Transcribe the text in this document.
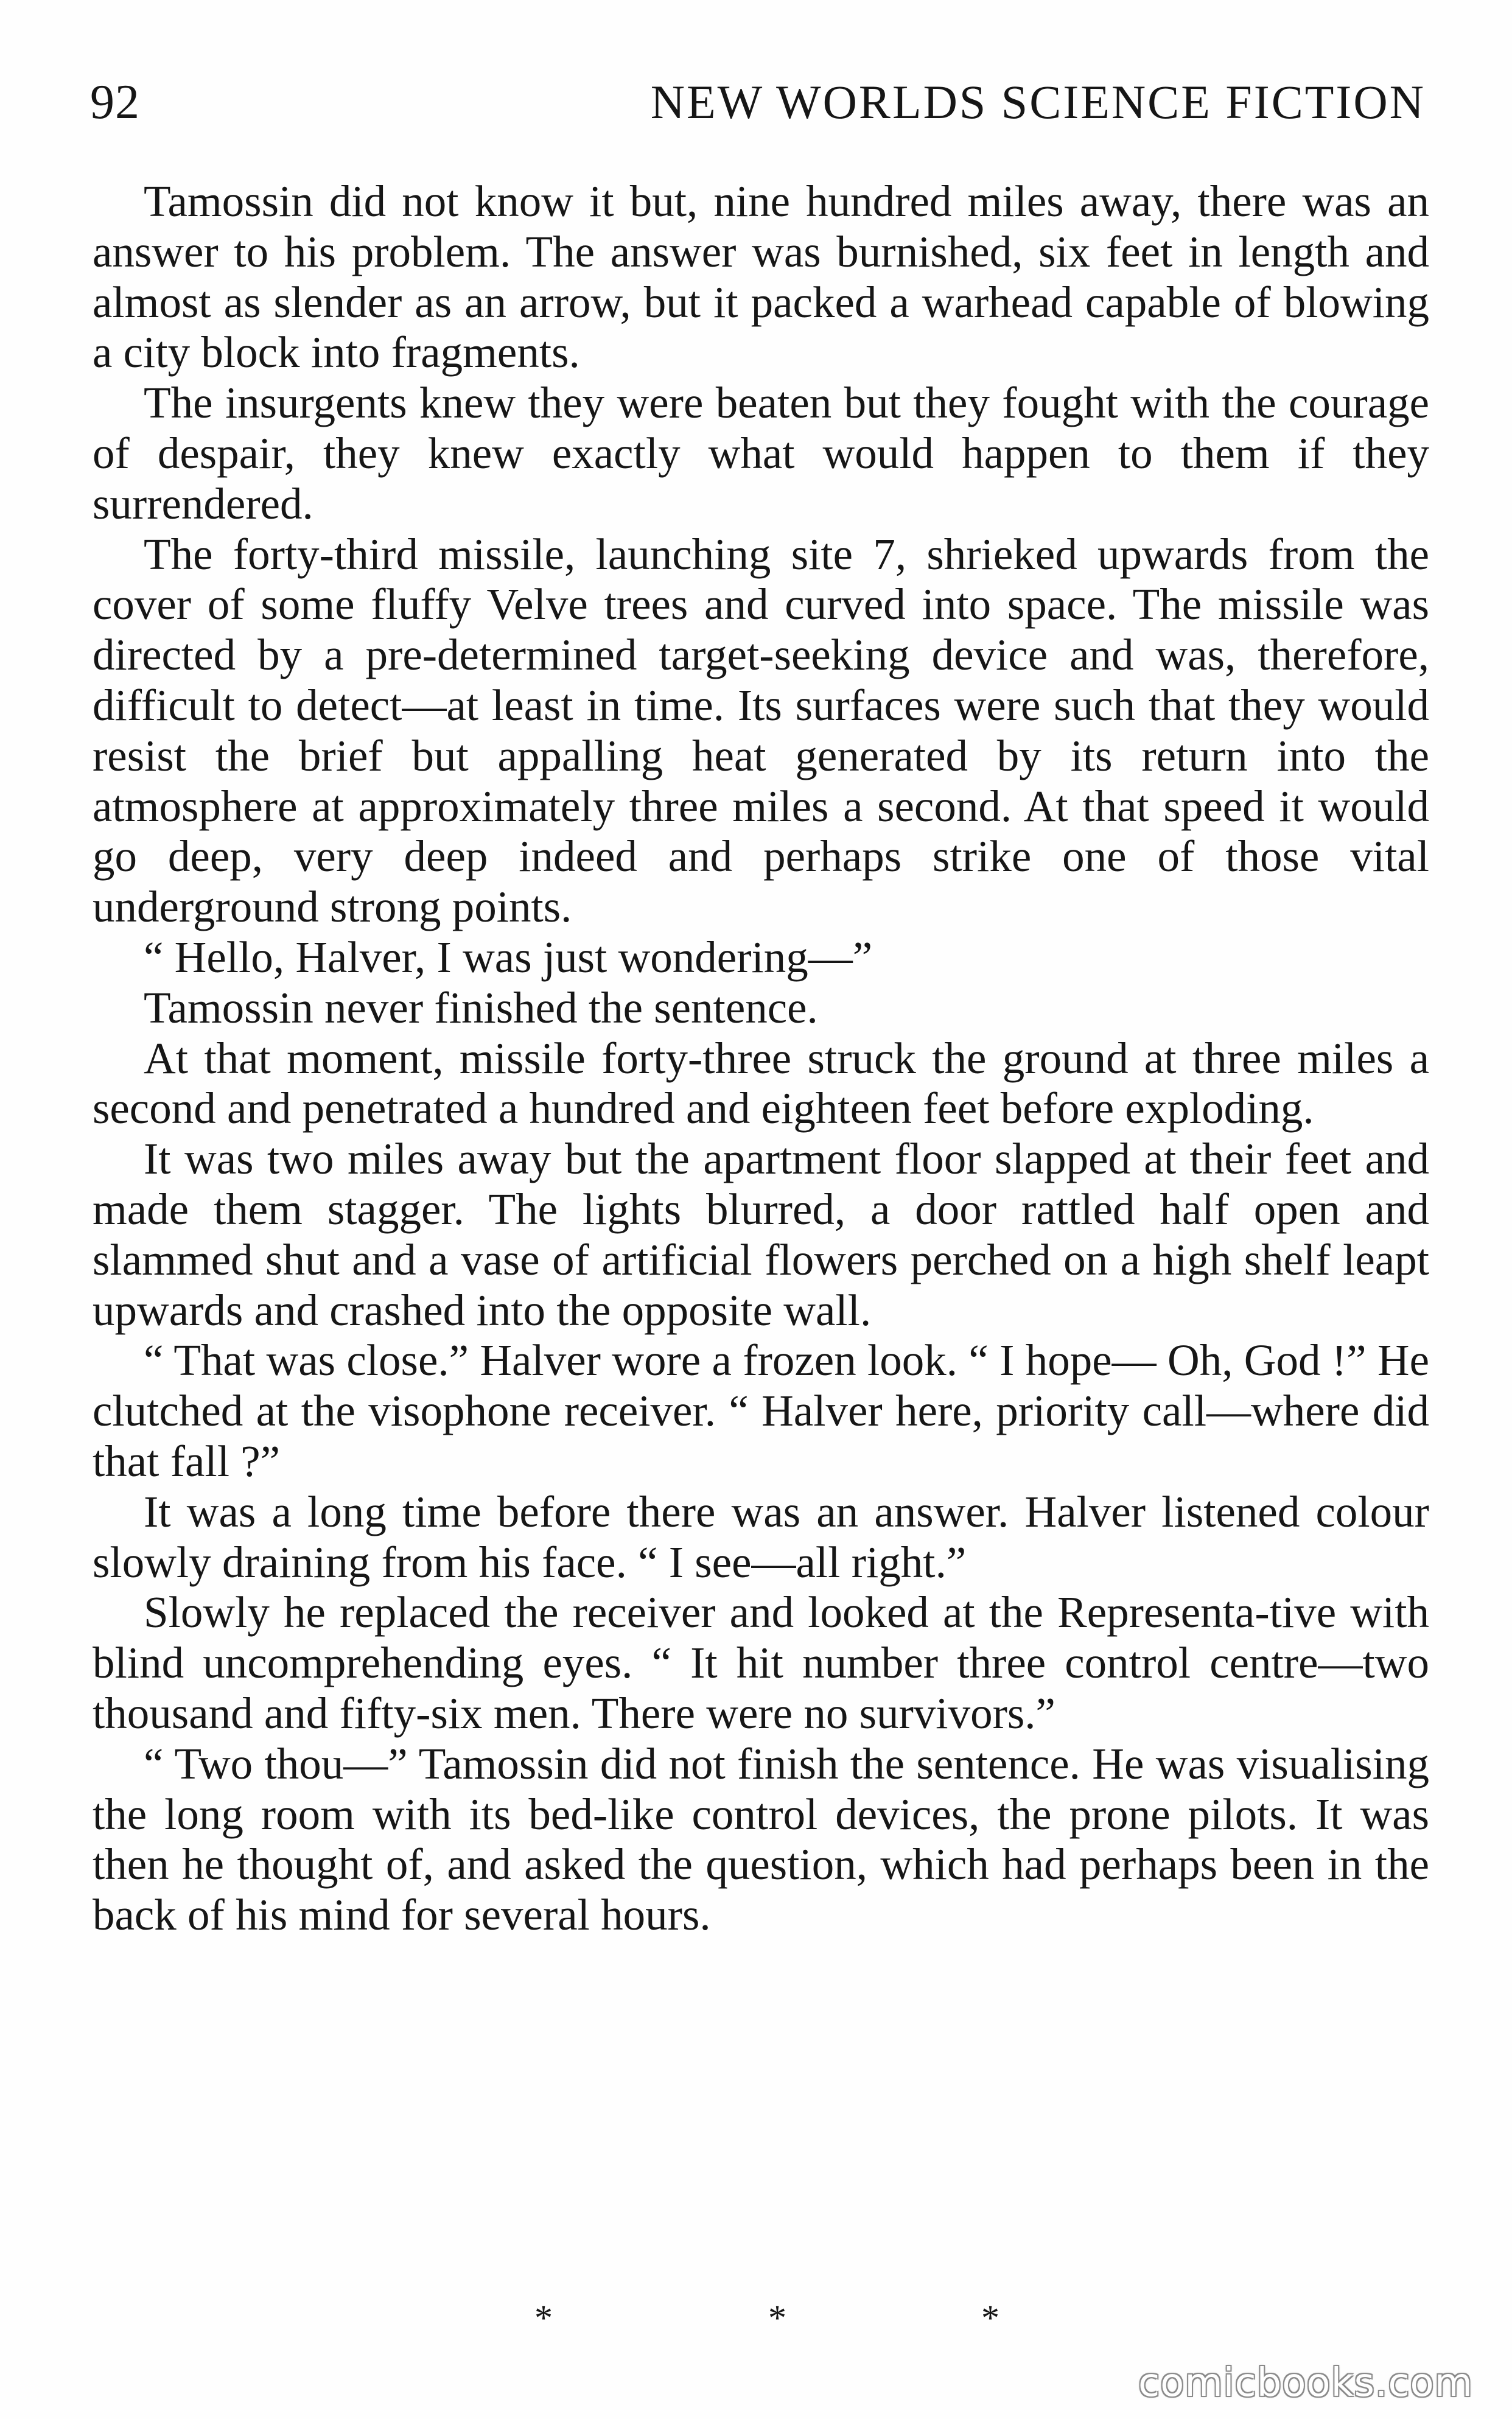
92	NEW WORLDS SCIENCE FICTION

Tamossin did not know it but, nine hundred miles away, there was an answer to his problem. The answer was burnished, six feet in length and almost as slender as an arrow, but it packed a warhead capable of blowing a city block into fragments.

The insurgents knew they were beaten but they fought with the courage of despair, they knew exactly what would happen to them if they surrendered.

The forty-third missile, launching site 7, shrieked upwards from the cover of some fluffy Velve trees and curved into space. The missile was directed by a pre-determined target-seeking device and was, therefore, difficult to detect—at least in time. Its surfaces were such that they would resist the brief but appalling heat generated by its return into the atmosphere at approximately three miles a second. At that speed it would go deep, very deep indeed and perhaps strike one of those vital underground strong points.

“ Hello, Halver, I was just wondering—”

Tamossin never finished the sentence.

At that moment, missile forty-three struck the ground at three miles a second and penetrated a hundred and eighteen feet before exploding.

It was two miles away but the apartment floor slapped at their feet and made them stagger. The lights blurred, a door rattled half open and slammed shut and a vase of artificial flowers perched on a high shelf leapt upwards and crashed into the opposite wall.

“ That was close.” Halver wore a frozen look. “ I hope— Oh, God !” He clutched at the visophone receiver. “ Halver here, priority call—where did that fall ?”

It was a long time before there was an answer. Halver listened colour slowly draining from his face. “ I see—all right.”

Slowly he replaced the receiver and looked at the Representa-tive with blind uncomprehending eyes. “ It hit number three control centre—two thousand and fifty-six men. There were no survivors.”

“ Two thou—” Tamossin did not finish the sentence. He was visualising the long room with its bed-like control devices, the prone pilots. It was then he thought of, and asked the question, which had perhaps been in the back of his mind for several hours.

*	*	*
comicbooks.com
